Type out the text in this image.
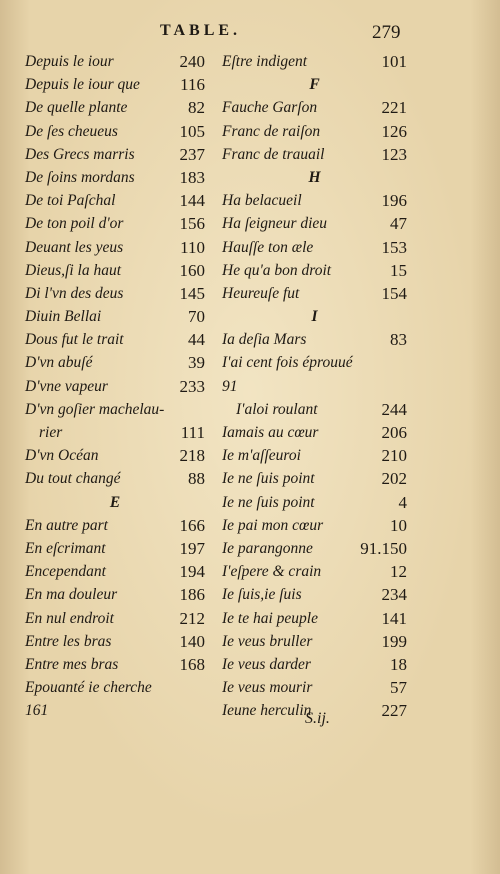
TABLE.	279
Depuis le iour	240
Depuis le iour que 116
De quelle plante	82
De ſes cheueus	105
Des Grecs marris	237
De ſoins mordans	183
De toi Paſchal	144
De ton poil d'or	156
Deuant les yeus	110
Dieus,ſi la haut	160
Di l'vn des deus	145
Diuin Bellai	70
Dous fut le trait	44
D'vn abuſé	39
D'vne vapeur	233
D'vn goſier machelau-
rier	111
D'vn Océan	218
Du tout changé	88
E
En autre part	166
En eſcrimant	197
Encependant	194
En ma douleur	186
En nul endroit	212
Entre les bras	140
Entre mes bras	168
Epouanté ie cherche
161
Eſtre indigent	101
F
Fauche Garſon	221
Franc de raiſon	126
Franc de trauail	123
H
Ha belacueil	196
Ha ſeigneur dieu	47
Hauſſe ton æle	153
He qu'a bon droit	15
Heureuſe fut	154
I
Ia deſia Mars	83
I'ai cent fois éprouué
91
I'aloi roulant	244
Iamais au cœur	206
Ie m'aſſeuroi	210
Ie ne ſuis point	202
Ie ne ſuis point	4
Ie pai mon cœur	10
Ie parangonne	91.150
I'eſpere & crain	12
Ie ſuis,ie ſuis	234
Ie te hai peuple	141
Ie veus bruller	199
Ie veus darder	18
Ie veus mourir	57
Ieune herculin	227
S.ij.
